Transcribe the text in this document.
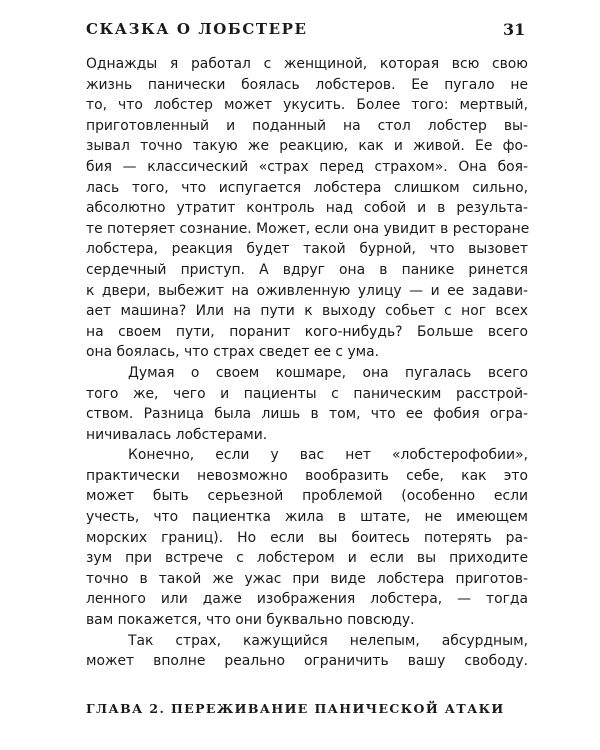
СКАЗКА О ЛОБСТЕРЕ	31
Однажды я работал с женщиной, которая всю свою
жизнь панически боялась лобстеров. Ее пугало не
то, что лобстер может укусить. Более того: мертвый,
приготовленный и поданный на стол лобстер вы-
зывал точно такую же реакцию, как и живой. Ее фо-
бия — классический «страх перед страхом». Она боя-
лась того, что испугается лобстера слишком сильно,
абсолютно утратит контроль над собой и в результа-
те потеряет сознание. Может, если она увидит в ресторане
лобстера, реакция будет такой бурной, что вызовет
сердечный приступ. А вдруг она в панике ринется
к двери, выбежит на оживленную улицу — и ее задави-
ает машина? Или на пути к выходу собьет с ног всех
на своем пути, поранит кого-нибудь? Больше всего
она боялась, что страх сведет ее с ума.
Думая о своем кошмаре, она пугалась всего
того же, чего и пациенты с паническим расстрой-
ством. Разница была лишь в том, что ее фобия огра-
ничивалась лобстерами.
Конечно, если у вас нет «лобстерофобии»,
практически невозможно вообразить себе, как это
может быть серьезной проблемой (особенно если
учесть, что пациентка жила в штате, не имеющем
морских границ). Но если вы боитесь потерять ра-
зум при встрече с лобстером и если вы приходите
точно в такой же ужас при виде лобстера приготов-
ленного или даже изображения лобстера, — тогда
вам покажется, что они буквально повсюду.
Так страх, кажущийся нелепым, абсурдным,
может вполне реально ограничить вашу свободу.
ГЛАВА 2. ПЕРЕЖИВАНИЕ ПАНИЧЕСКОЙ АТАКИ
